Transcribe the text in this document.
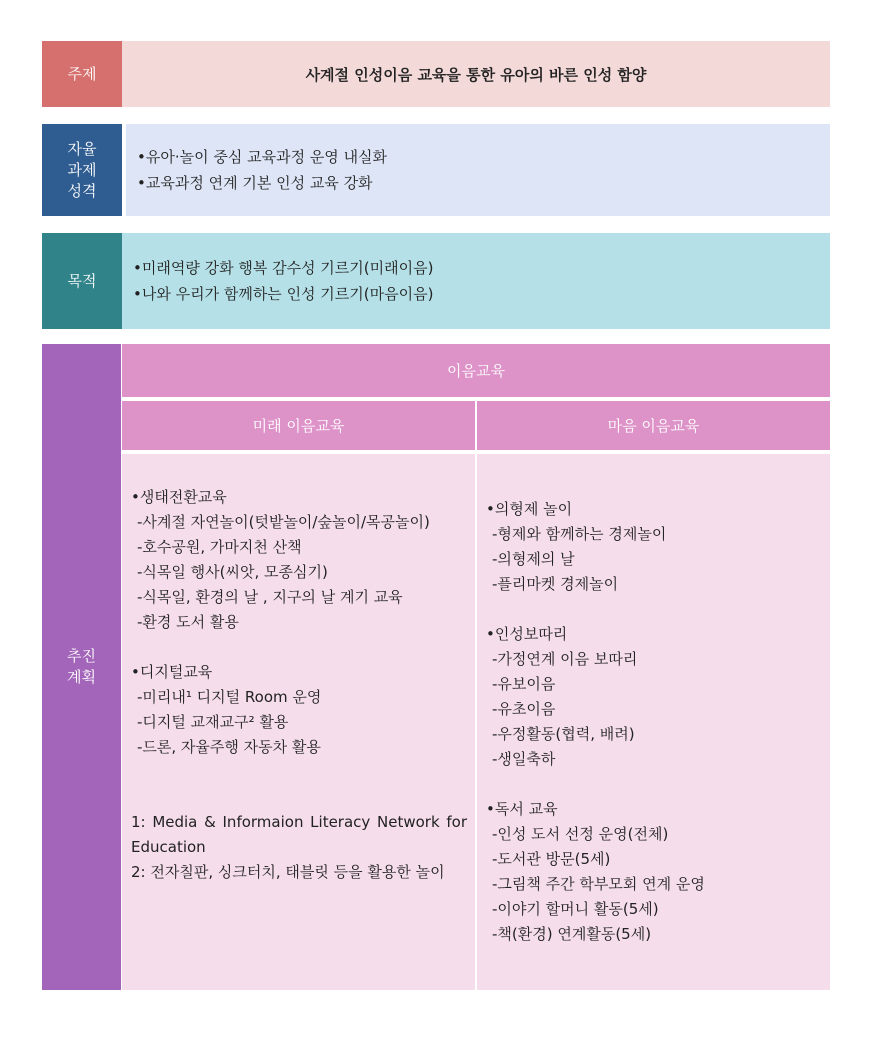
주제	사계절 인성이음 교육을 통한 유아의 바른 인성 함양
자율
과제
성격
•유아·놀이 중심 교육과정 운영 내실화
•교육과정 연계 기본 인성 교육 강화
목적
•미래역량 강화 행복 감수성 기르기(미래이음)
•나와 우리가 함께하는 인성 기르기(마음이음)
추진
계획
이음교육
미래 이음교육	마음 이음교육
•생태전환교육
-사계절 자연놀이(텃밭놀이/숲놀이/목공놀이)
-호수공원, 가마지천 산책
-식목일 행사(씨앗, 모종심기)
-식목일, 환경의 날 , 지구의 날 계기 교육
-환경 도서 활용
•디지털교육
-미리내¹ 디지털 Room 운영
-디지털 교재교구² 활용
-드론, 자율주행 자동차 활용
1: Media & Informaion Literacy Network for Education
2: 전자칠판, 싱크터치, 태블릿 등을 활용한 놀이
•의형제 놀이
-형제와 함께하는 경제놀이
-의형제의 날
-플리마켓 경제놀이
•인성보따리
-가정연계 이음 보따리
-유보이음
-유초이음
-우정활동(협력, 배려)
-생일축하
•독서 교육
-인성 도서 선정 운영(전체)
-도서관 방문(5세)
-그림책 주간 학부모회 연계 운영
-이야기 할머니 활동(5세)
-책(환경) 연계활동(5세)
